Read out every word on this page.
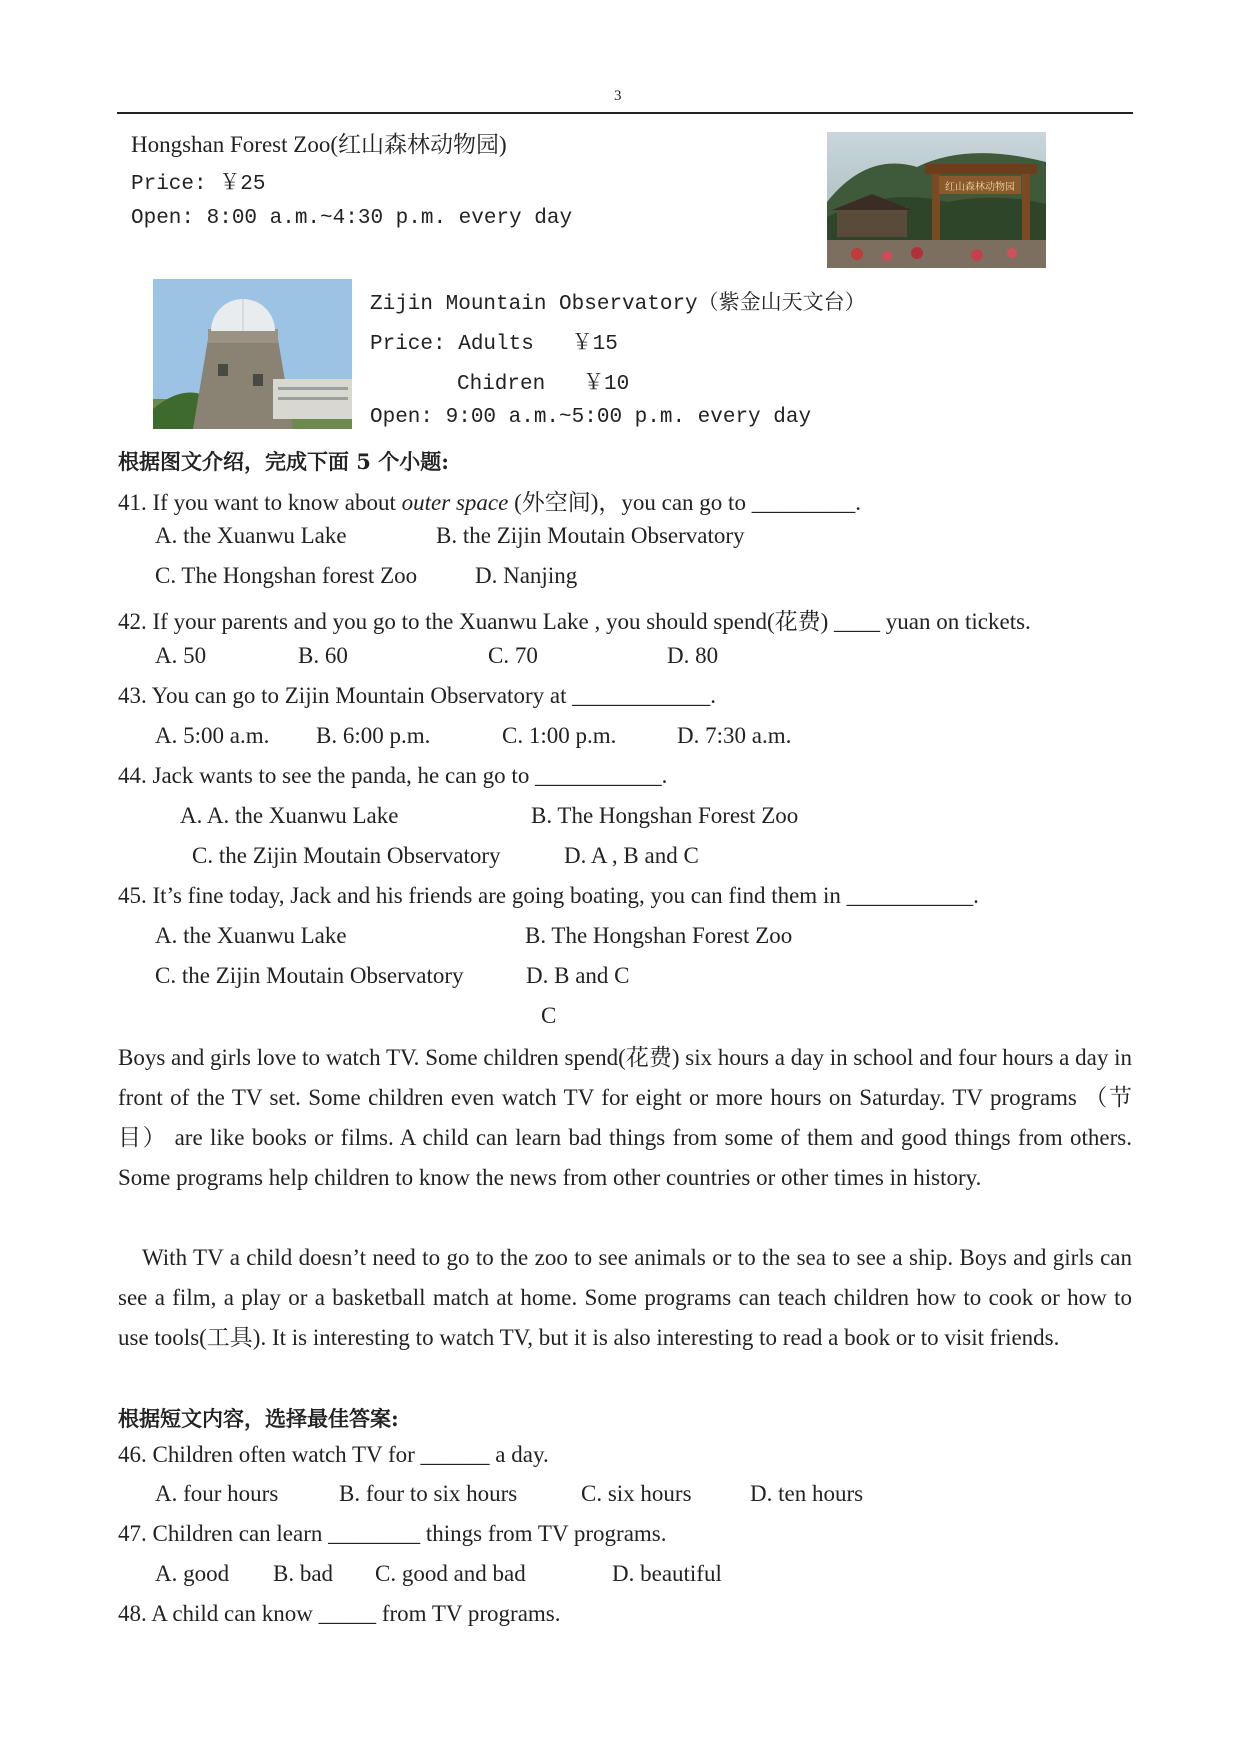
3
Hongshan Forest Zoo(红山森林动物园)
Price: ￥25
Open: 8:00 a.m.~4:30 p.m. every day
红山森林动物园
Zijin Mountain Observatory（紫金山天文台）
Price: Adults   ￥15
Chidren   ￥10
Open: 9:00 a.m.~5:00 p.m. every day
根据图文介绍，完成下面 5 个小题:
41. If you want to know about outer space (外空间)，you can go to _________.
A. the Xuanwu Lake	B. the Zijin Moutain Observatory
C. The Hongshan forest Zoo	D. Nanjing
42. If your parents and you go to the Xuanwu Lake , you should spend(花费) ____ yuan on tickets.
A. 50	B. 60	C. 70	D. 80
43. You can go to Zijin Mountain Observatory at ____________.
A. 5:00 a.m. B. 6:00 p.m.	C. 1:00 p.m.	D. 7:30 a.m.
44. Jack wants to see the panda, he can go to ___________.
A. A. the Xuanwu Lake	B. The Hongshan Forest Zoo
C. the Zijin Moutain Observatory	D. A , B and C
45. It’s fine today, Jack and his friends are going boating, you can find them in ___________.
A. the Xuanwu Lake	B. The Hongshan Forest Zoo
C. the Zijin Moutain Observatory	D. B and C
C
Boys and girls love to watch TV. Some children spend(花费) six hours a day in school and four hours a day in front of the TV set. Some children even watch TV for eight or more hours on Saturday. TV programs （节目） are like books or films. A child can learn bad things from some of them and good things from others. Some programs help children to know the news from other countries or other times in history.
With TV a child doesn’t need to go to the zoo to see animals or to the sea to see a ship. Boys and girls can see a film, a play or a basketball match at home. Some programs can teach children how to cook or how to use tools(工具). It is interesting to watch TV, but it is also interesting to read a book or to visit friends.
根据短文内容，选择最佳答案:
46. Children often watch TV for ______ a day.
A. four hours	B. four to six hours	C. six hours	D. ten hours
47. Children can learn ________ things from TV programs.
A. good B. bad C. good and bad	D. beautiful
48. A child can know _____ from TV programs.
